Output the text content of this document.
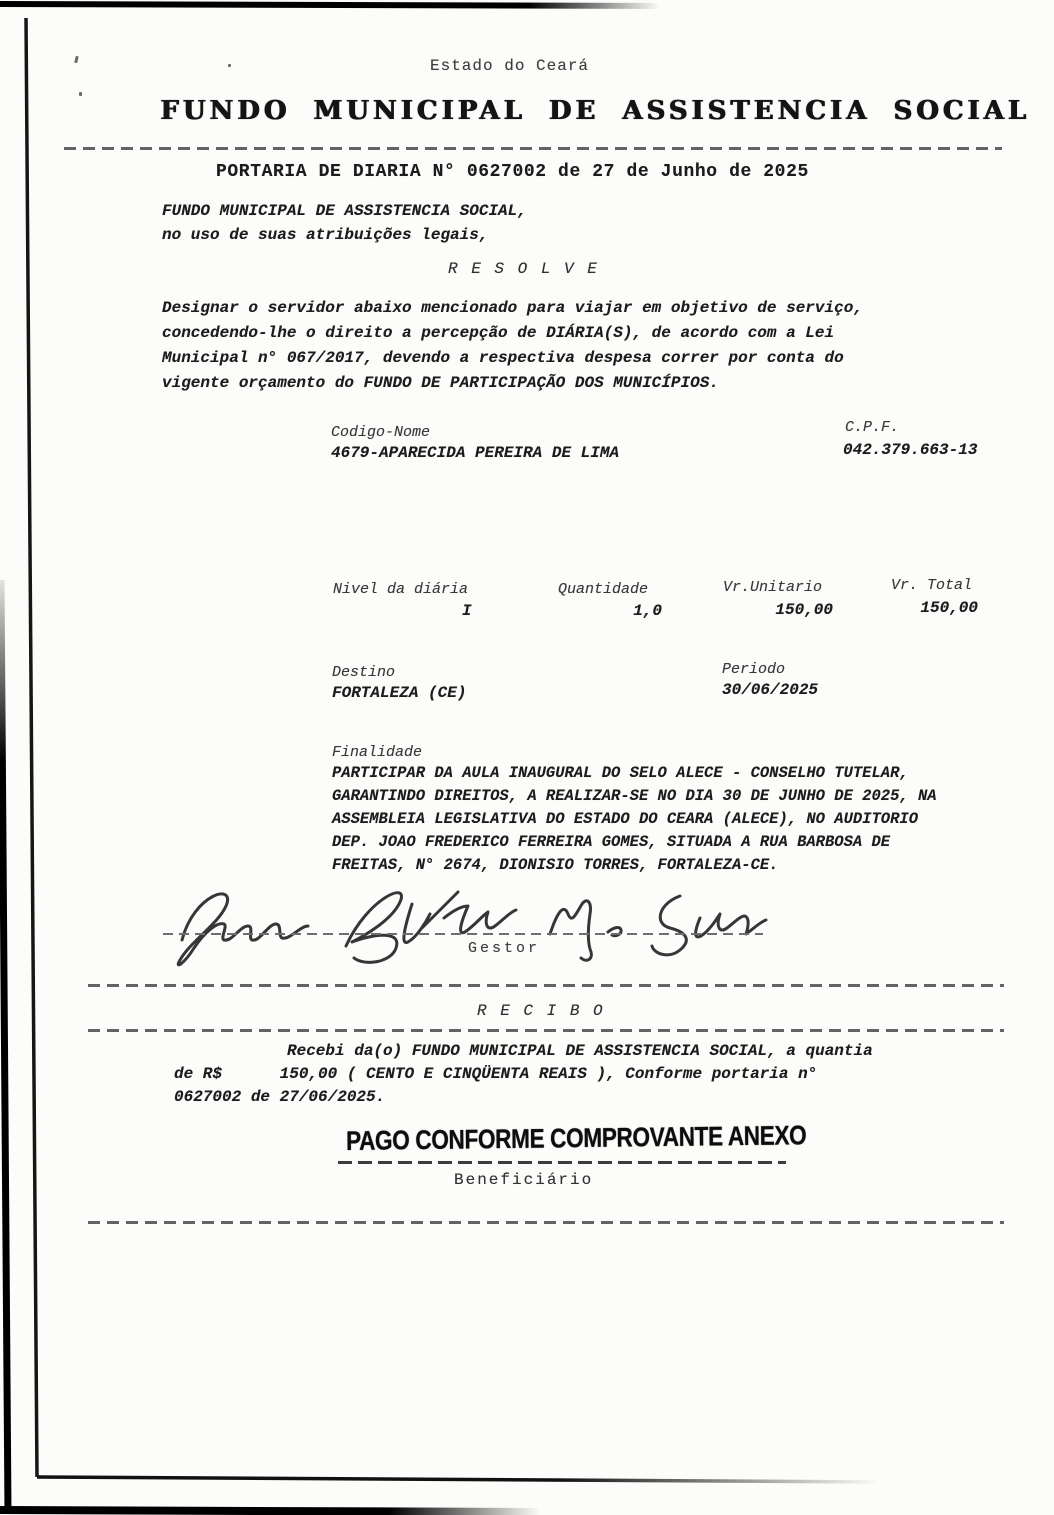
Estado do Ceará
FUNDO MUNICIPAL DE ASSISTENCIA SOCIAL
PORTARIA DE DIARIA N° 0627002 de 27 de Junho de 2025
FUNDO MUNICIPAL DE ASSISTENCIA SOCIAL,
no uso de suas atribuições legais,
R E S O L V E
Designar o servidor abaixo mencionado para viajar em objetivo de serviço,
concedendo-lhe o direito a percepção de DIÁRIA(S), de acordo com a Lei
Municipal n° 067/2017, devendo a respectiva despesa correr por conta do
vigente orçamento do FUNDO DE PARTICIPAÇÃO DOS MUNICÍPIOS.
Codigo-Nome	C.P.F.
4679-APARECIDA PEREIRA DE LIMA	042.379.663-13
Nivel da diária	Quantidade	Vr.Unitario	Vr. Total
I	1,0	150,00	150,00
Destino	Periodo
FORTALEZA (CE)	30/06/2025
Finalidade
PARTICIPAR DA AULA INAUGURAL DO SELO ALECE - CONSELHO TUTELAR,
GARANTINDO DIREITOS, A REALIZAR-SE NO DIA 30 DE JUNHO DE 2025, NA
ASSEMBLEIA LEGISLATIVA DO ESTADO DO CEARA (ALECE), NO AUDITORIO
DEP. JOAO FREDERICO FERREIRA GOMES, SITUADA A RUA BARBOSA DE
FREITAS, N° 2674, DIONISIO TORRES, FORTALEZA-CE.
Gestor
R E C I B O
Recebi da(o) FUNDO MUNICIPAL DE ASSISTENCIA SOCIAL, a quantia
de R$      150,00 ( CENTO E CINQÜENTA REAIS ), Conforme portaria n°
0627002 de 27/06/2025.
PAGO CONFORME COMPROVANTE ANEXO
Beneficiário
